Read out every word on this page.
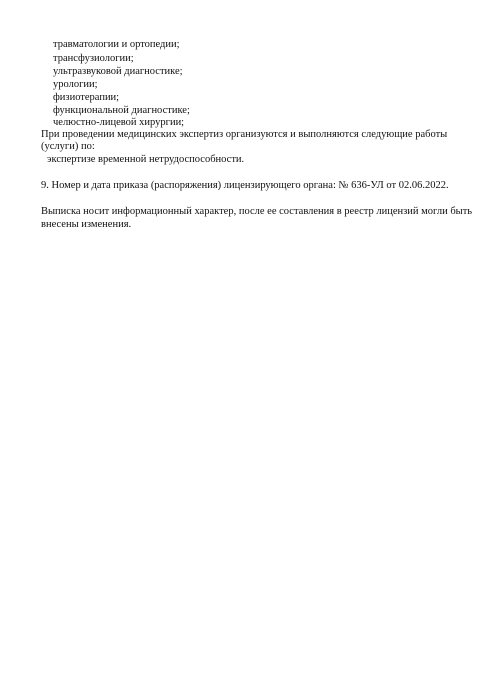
травматологии и ортопедии;
трансфузиологии;
ультразвуковой диагностике;
урологии;
физиотерапии;
функциональной диагностике;
челюстно-лицевой хирургии;
При проведении медицинских экспертиз организуются и выполняются следующие работы
(услуги) по:
экспертизе временной нетрудоспособности.
9. Номер и дата приказа (распоряжения) лицензирующего органа: № 636-УЛ от 02.06.2022.
Выписка носит информационный характер, после ее составления в реестр лицензий могли быть
внесены изменения.
